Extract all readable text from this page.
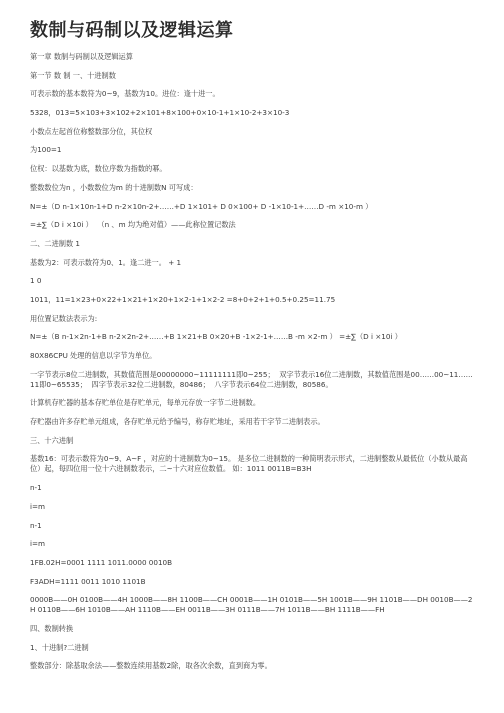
数制与码制以及逻辑运算

第一章 数制与码制以及逻辑运算

第一节 数 制 一、十进制数

可表示数的基本数符为0~9，基数为10。进位：逢十进一。

5328，013=5×103+3×102+2×101+8×100+0×10-1+1×10-2+3×10-3

小数点左起首位称整数部分位，其位权

为100=1

位权：以基数为底，数位序数为指数的幂。

整数数位为n ，小数数位为m 的十进制数N 可写成：

N=±（D n-1×10n-1+D n-2×10n-2+……+D 1×101+ D 0×100+ D -1×10-1+……D -m ×10-m ）

=±∑（D i ×10i ）  （n 、m 均为绝对值）——此称位置记数法

二、二进制数 1

基数为2：可表示数符为0、1。逢二进一。 + 1

1 0

1011，11=1×23+0×22+1×21+1×20+1×2-1+1×2-2 =8+0+2+1+0.5+0.25=11.75

用位置记数法表示为:

N=±（B n-1×2n-1+B n-2×2n-2+……+B 1×21+B 0×20+B -1×2-1+……B -m ×2-m ） =±∑（D i ×10i ）

80X86CPU 处理的信息以字节为单位。

一字节表示8位二进制数，其数值范围是00000000~11111111即0~255；  双字节表示16位二进制数，其数值范围是00……00~11……11即0~65535；  四字节表示32位二进制数，80486；  八字节表示64位二进制数，80586。

计算机存贮器的基本存贮单位是存贮单元，每单元存放一字节二进制数。

存贮器由许多存贮单元组成，各存贮单元给予编号，称存贮地址，采用若干字节二进制表示。

三、十六进制

基数16：可表示数符为0~9、A~F ，对应的十进制数为0~15。 是多位二进制数的一种简明表示形式，二进制整数从最低位（小数从最高位）起，每四位用一位十六进制数表示，二~十六对应位数值。 如：1011 0011B=B3H

n-1

i=m

n-1

i=m

1FB.02H=0001 1111 1011.0000 0010B

F3ADH=1111 0011 1010 1101B

0000B——0H 0100B——4H 1000B——8H 1100B——CH 0001B——1H 0101B——5H 1001B——9H 1101B——DH 0010B——2H 0110B——6H 1010B——AH 1110B——EH 0011B——3H 0111B——7H 1011B——BH 1111B——FH

四、数制转换

1、十进制?二进制

整数部分：除基取余法——整数连续用基数2除，取各次余数，直到商为零。
